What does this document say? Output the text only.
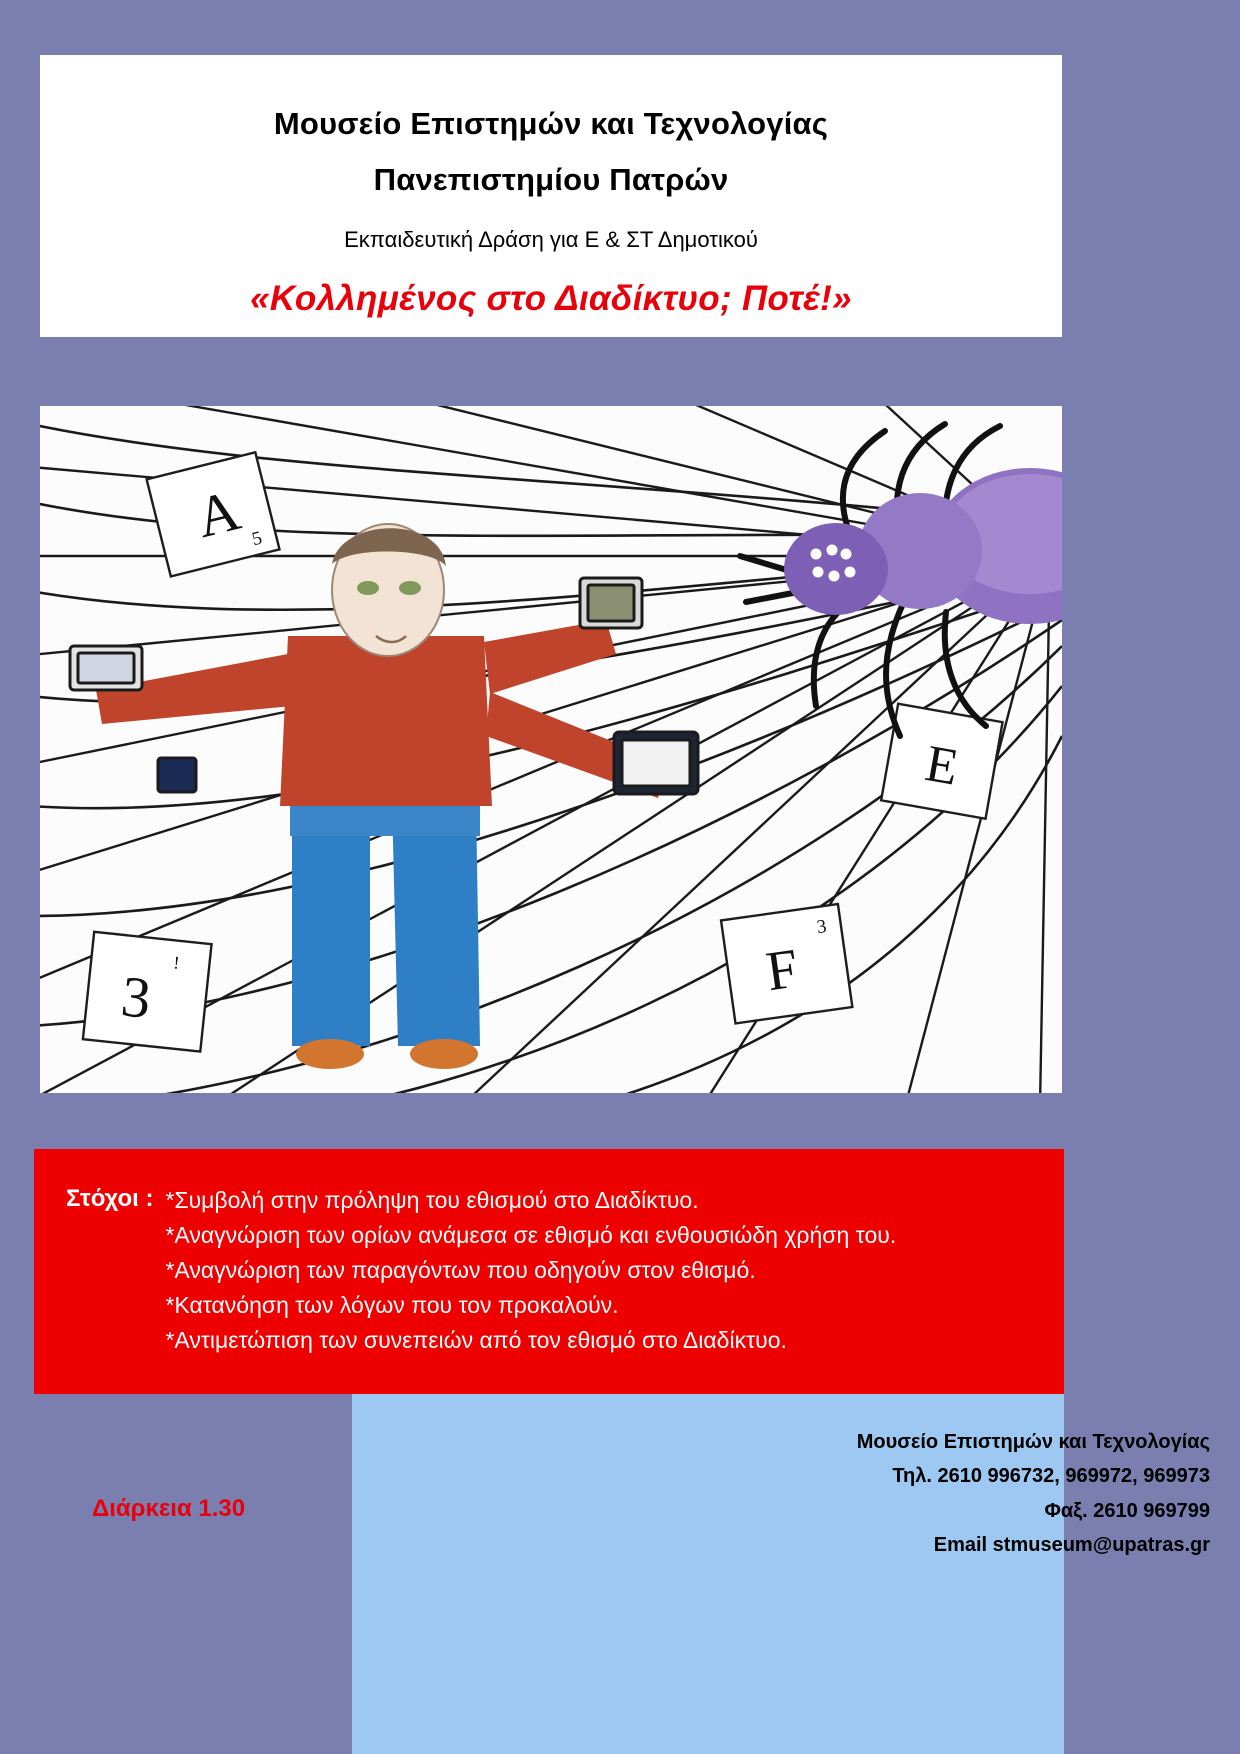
Μουσείο Επιστημών και Τεχνολογίας
Πανεπιστημίου Πατρών
Εκπαιδευτική Δράση για Ε & ΣΤ Δημοτικού
«Κολλημένος στο Διαδίκτυο; Ποτέ!»
A 5
E
F
3
3
!
Στόχοι : *Συμβολή στην πρόληψη του εθισμού στο Διαδίκτυο.
*Αναγνώριση των ορίων ανάμεσα σε εθισμό και ενθουσιώδη χρήση του.
*Αναγνώριση των παραγόντων που οδηγούν στον εθισμό.
*Κατανόηση των λόγων που τον προκαλούν.
*Αντιμετώπιση των συνεπειών από τον εθισμό στο Διαδίκτυο.
Μουσείο Επιστημών και Τεχνολογίας
Τηλ. 2610 996732, 969972, 969973
Φαξ. 2610 969799
Email stmuseum@upatras.gr
Διάρκεια 1.30
